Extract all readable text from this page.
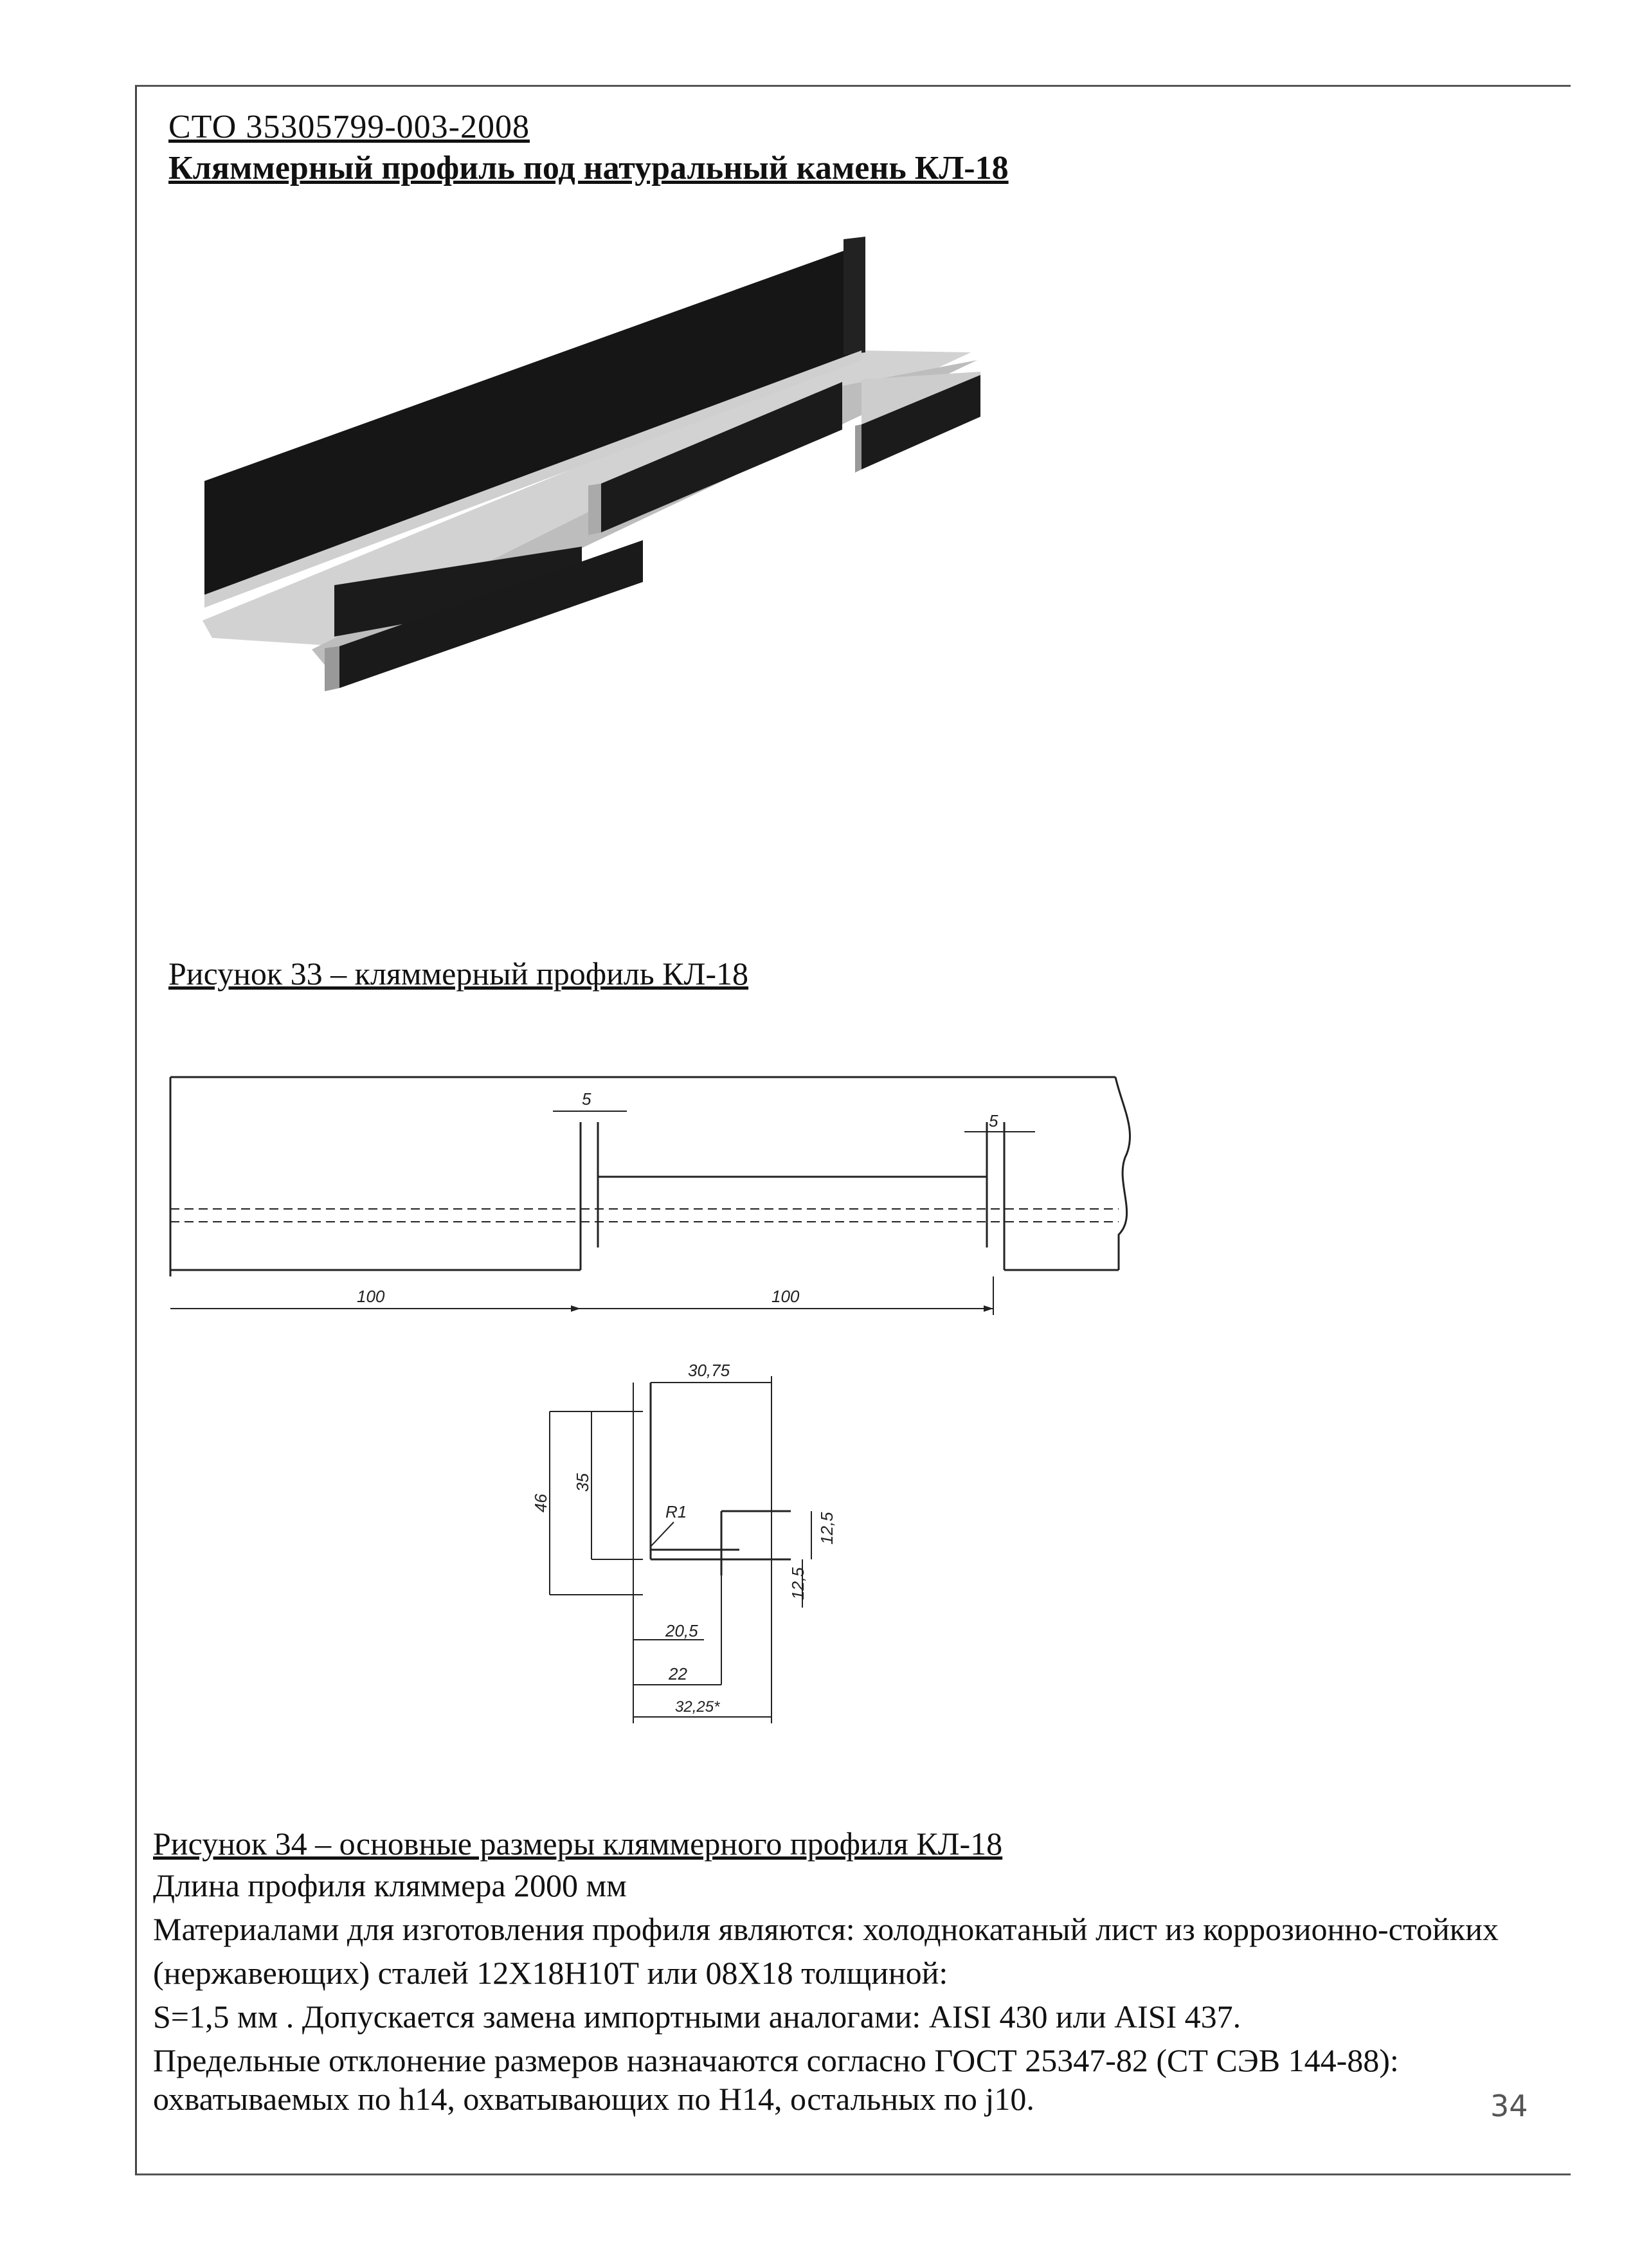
СТО 35305799-003-2008
Кляммерный профиль под натуральный камень КЛ-18
Рисунок 33 – кляммерный профиль КЛ-18
5
5
100	100
30,75
46
35
R1
12,5
12,5
20,5
22
32,25*
Рисунок 34 – основные размеры кляммерного профиля КЛ-18
Длина профиля кляммера 2000 мм
Материалами для изготовления профиля являются: холоднокатаный лист из коррозионно-стойких
(нержавеющих) сталей 12Х18Н10Т или 08Х18 толщиной:
S=1,5 мм . Допускается замена импортными аналогами: AISI 430 или AISI 437.
Предельные отклонение размеров назначаются согласно ГОСТ 25347-82 (СТ СЭВ 144-88):
охватываемых по h14, охватывающих по Н14, остальных по j10.	34
